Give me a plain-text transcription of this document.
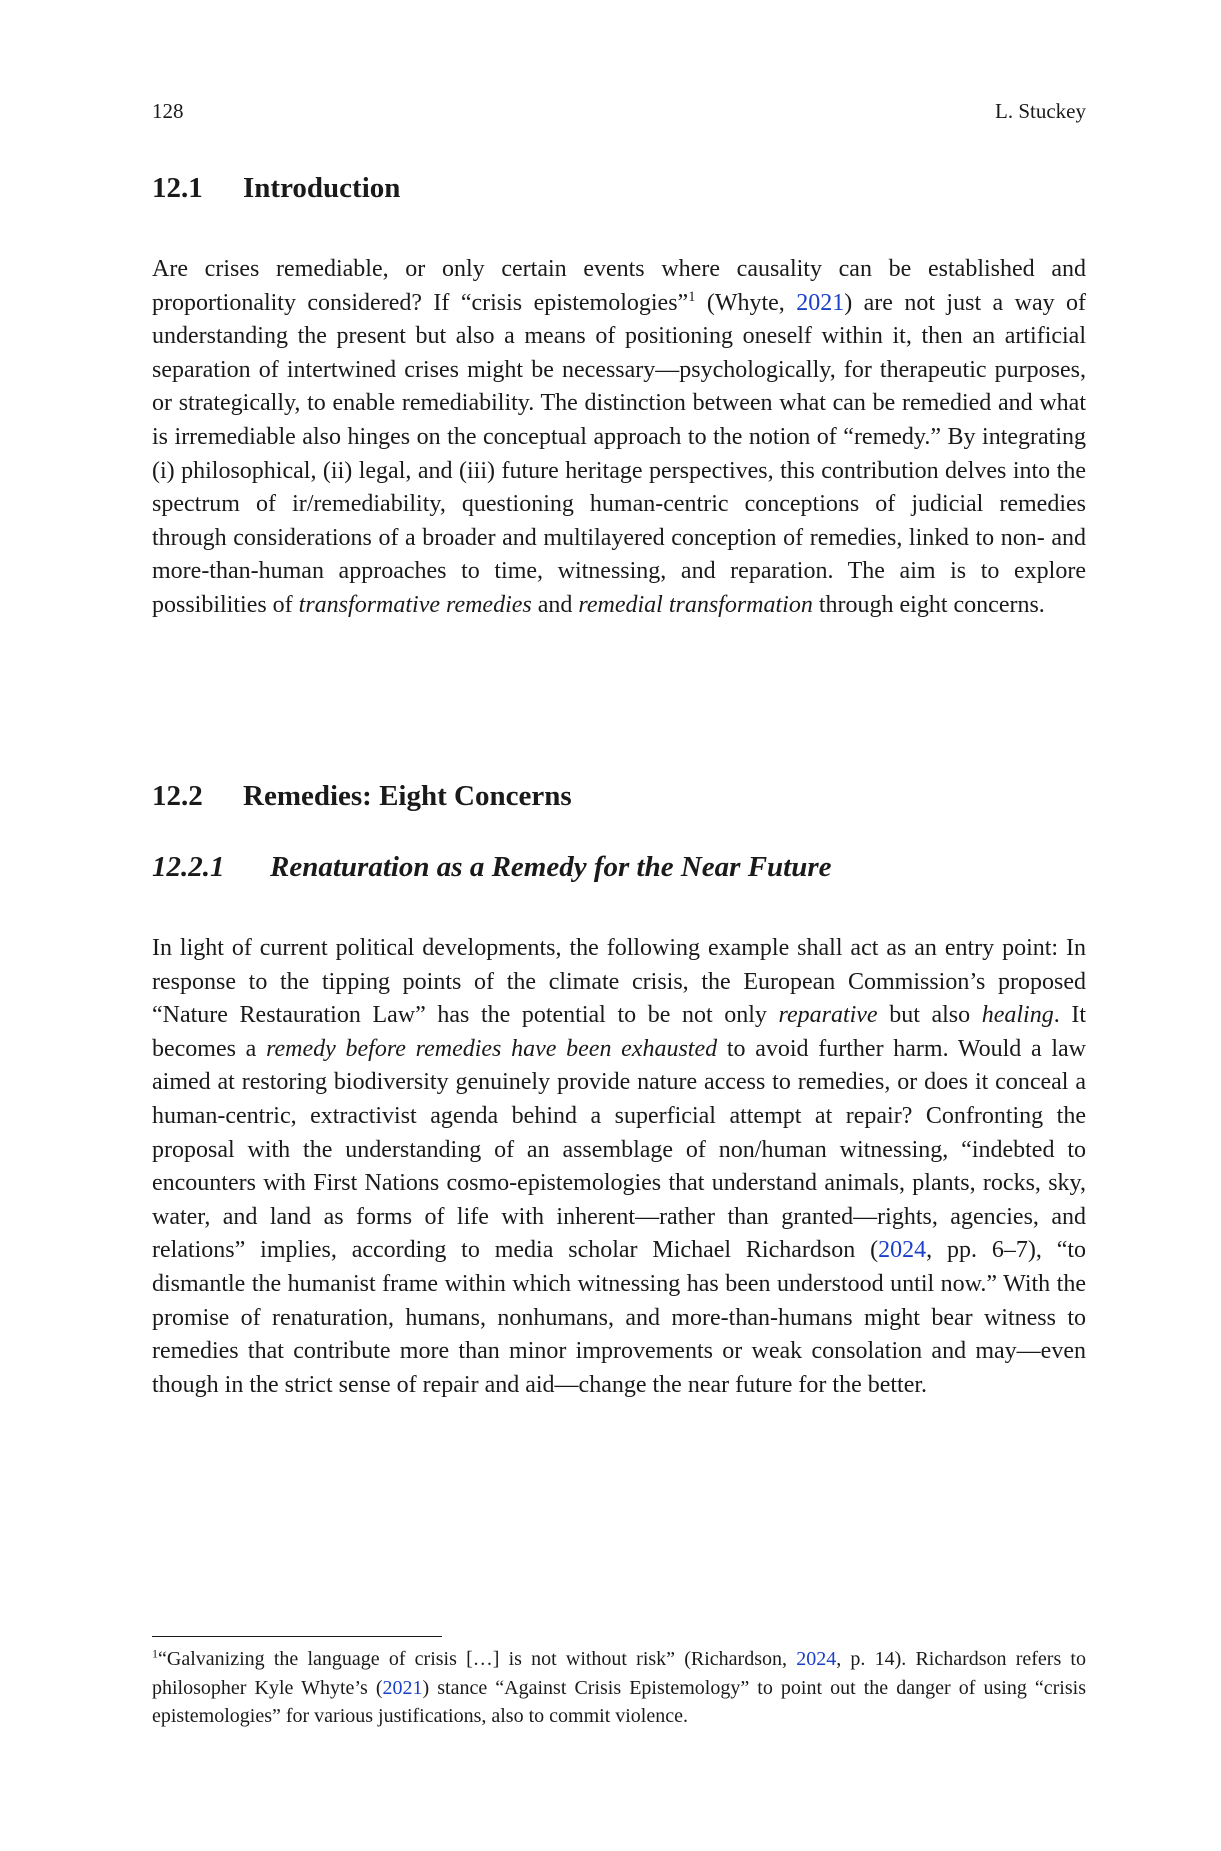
128	L. Stuckey
12.1 Introduction
Are crises remediable, or only certain events where causality can be established and proportionality considered? If “crisis epistemologies”$^1$ (Whyte, 2021) are not just a way of understanding the present but also a means of positioning oneself within it, then an artificial separation of intertwined crises might be necessary—psychologically, for therapeutic purposes, or strategically, to enable remediability. The distinction between what can be remedied and what is irremediable also hinges on the conceptual approach to the notion of “remedy.” By integrating (i) philosophical, (ii) legal, and (iii) future heritage perspectives, this contribution delves into the spectrum of ir/remediability, questioning human-centric conceptions of judicial remedies through considerations of a broader and multilayered conception of remedies, linked to non- and more-than-human approaches to time, witnessing, and reparation. The aim is to explore possibilities of transformative remedies and remedial transformation through eight concerns.
12.2 Remedies: Eight Concerns
12.2.1 Renaturation as a Remedy for the Near Future
In light of current political developments, the following example shall act as an entry point: In response to the tipping points of the climate crisis, the European Commission’s proposed “Nature Restauration Law” has the potential to be not only reparative but also healing. It becomes a remedy before remedies have been exhausted to avoid further harm. Would a law aimed at restoring biodiversity genuinely provide nature access to remedies, or does it conceal a human-centric, extractivist agenda behind a superficial attempt at repair? Confronting the proposal with the understanding of an assemblage of non/human witnessing, “indebted to encounters with First Nations cosmo-epistemologies that understand animals, plants, rocks, sky, water, and land as forms of life with inherent—rather than granted—rights, agencies, and relations” implies, according to media scholar Michael Richardson (2024, pp. 6–7), “to dismantle the humanist frame within which witnessing has been understood until now.” With the promise of renaturation, humans, nonhumans, and more-than-humans might bear witness to remedies that contribute more than minor improvements or weak consolation and may—even though in the strict sense of repair and aid—change the near future for the better.
$^1$“Galvanizing the language of crisis […] is not without risk” (Richardson, 2024, p. 14). Richardson refers to philosopher Kyle Whyte’s (2021) stance “Against Crisis Epistemology” to point out the danger of using “crisis epistemologies” for various justifications, also to commit violence.
